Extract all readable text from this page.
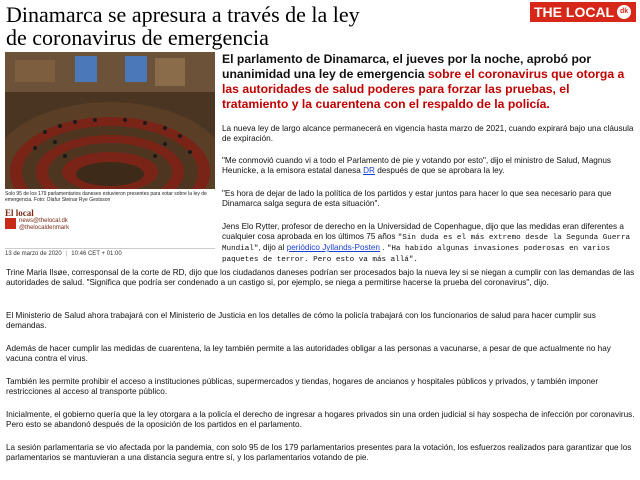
Dinamarca se apresura a través de la ley
de coronavirus de emergencia
THE LOCAL dk
Solo 95 de los 179 parlamentarios daneses estuvieron presentes para votar sobre la ley de emergencia. Foto: Olafur Steinar Rye Gestsson
El local
news@thelocal.dk
@thelocaldenmark
13 de marzo de 2020 | 10:46 CET + 01:00
El parlamento de Dinamarca, el jueves por la noche, aprobó por unanimidad una ley de emergencia sobre el coronavirus que otorga a las autoridades de salud poderes para forzar las pruebas, el tratamiento y la cuarentena con el respaldo de la policía.
La nueva ley de largo alcance permanecerá en vigencia hasta marzo de 2021, cuando expirará bajo una cláusula de expiración.
"Me conmovió cuando vi a todo el Parlamento de pie y votando por esto", dijo el ministro de Salud, Magnus Heunicke, a la emisora estatal danesa DR después de que se aprobara la ley.
"Es hora de dejar de lado la política de los partidos y estar juntos para hacer lo que sea necesario para que Dinamarca salga segura de esta situación".
Jens Elo Rytter, profesor de derecho en la Universidad de Copenhague, dijo que las medidas eran diferentes a cualquier cosa aprobada en los últimos 75 años "Sin duda es el más extremo desde la Segunda Guerra Mundial", dijo al periódico Jyllands-Posten . "Ha habido algunas invasiones poderosas en varios paquetes de terror. Pero esto va más allá".
Trine Maria Ilsøe, corresponsal de la corte de RD, dijo que los ciudadanos daneses podrían ser procesados bajo la nueva ley si se niegan a cumplir con las demandas de las autoridades de salud. "Significa que podría ser condenado a un castigo si, por ejemplo, se niega a permitirse hacerse la prueba del coronavirus", dijo.
El Ministerio de Salud ahora trabajará con el Ministerio de Justicia en los detalles de cómo la policía trabajará con los funcionarios de salud para hacer cumplir sus demandas.
Además de hacer cumplir las medidas de cuarentena, la ley también permite a las autoridades obligar a las personas a vacunarse, a pesar de que actualmente no hay vacuna contra el virus.
También les permite prohibir el acceso a instituciones públicas, supermercados y tiendas, hogares de ancianos y hospitales públicos y privados, y también imponer restricciones al acceso al transporte público.
Inicialmente, el gobierno quería que la ley otorgara a la policía el derecho de ingresar a hogares privados sin una orden judicial si hay sospecha de infección por coronavirus. Pero esto se abandonó después de la oposición de los partidos en el parlamento.
La sesión parlamentaria se vio afectada por la pandemia, con solo 95 de los 179 parlamentarios presentes para la votación, los esfuerzos realizados para garantizar que los parlamentarios se mantuvieran a una distancia segura entre sí, y los parlamentarios votando de pie.
